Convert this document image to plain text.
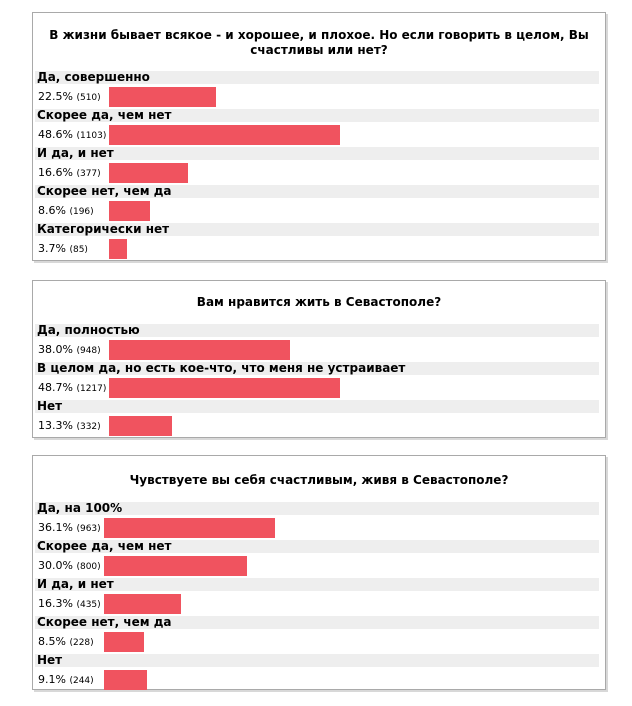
В жизни бывает всякое - и хорошее, и плохое. Но если говорить в целом, Вы счастливы или нет?
Да, совершенно
22.5% (510)
Скорее да, чем нет
48.6% (1103)
И да, и нет
16.6% (377)
Скорее нет, чем да
8.6% (196)
Категорически нет
3.7% (85)
Вам нравится жить в Севастополе?
Да, полностью
38.0% (948)
В целом да, но есть кое-что, что меня не устраивает
48.7% (1217)
Нет
13.3% (332)
Чувствуете вы себя счастливым, живя в Севастополе?
Да, на 100%
36.1% (963)
Скорее да, чем нет
30.0% (800)
И да, и нет
16.3% (435)
Скорее нет, чем да
8.5% (228)
Нет
9.1% (244)
